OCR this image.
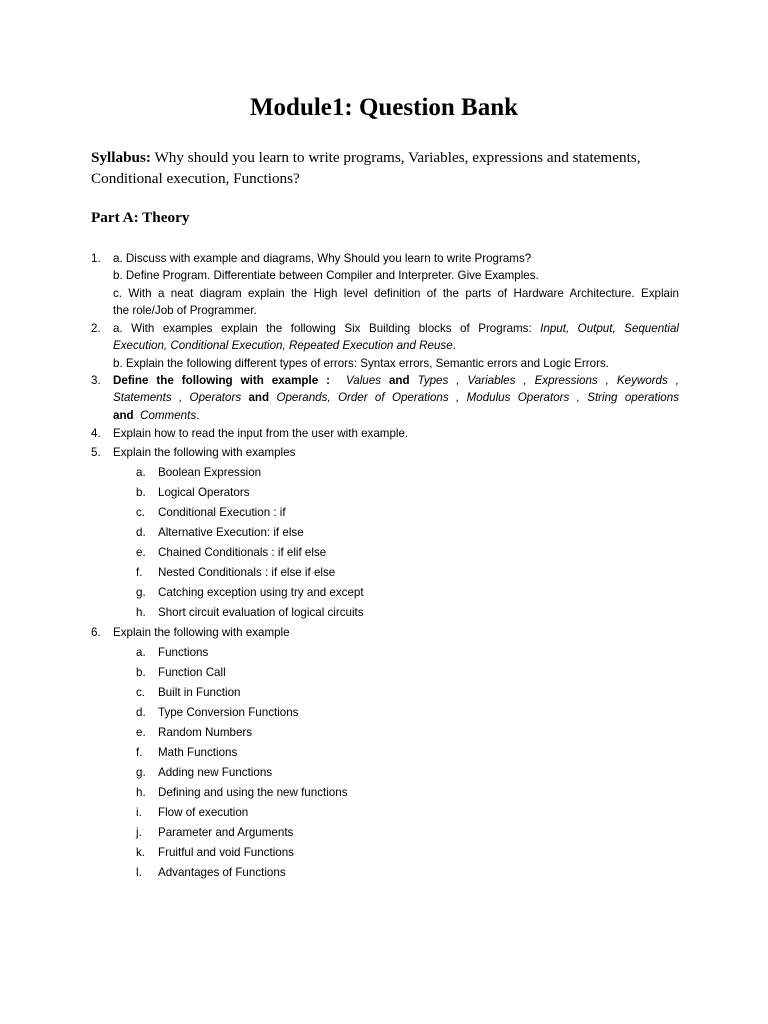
Module1: Question Bank
Syllabus: Why should you learn to write programs, Variables, expressions and statements,
Conditional execution, Functions?
Part A: Theory
1.	a. Discuss with example and diagrams, Why Should you learn to write Programs?
b. Define Program. Differentiate between Compiler and Interpreter. Give Examples.
c. With a neat diagram explain the High level definition of the parts of Hardware Architecture. Explain
the role/Job of Programmer.
2.	a. With examples explain the following Six Building blocks of Programs: Input, Output, Sequential
Execution, Conditional Execution, Repeated Execution and Reuse.
b. Explain the following different types of errors: Syntax errors, Semantic errors and Logic Errors.
3.	Define the following with example : Values and Types , Variables , Expressions , Keywords ,
Statements , Operators and Operands, Order of Operations , Modulus Operators , String operations
and Comments.
4.	Explain how to read the input from the user with example.
5.	Explain the following with examples
a. Boolean Expression
b. Logical Operators
c. Conditional Execution : if
d. Alternative Execution: if else
e. Chained Conditionals : if elif else
f. Nested Conditionals : if else if else
g. Catching exception using try and except
h. Short circuit evaluation of logical circuits
6.	Explain the following with example
a. Functions
b. Function Call
c. Built in Function
d. Type Conversion Functions
e. Random Numbers
f. Math Functions
g. Adding new Functions
h. Defining and using the new functions
i. Flow of execution
j. Parameter and Arguments
k. Fruitful and void Functions
l. Advantages of Functions
